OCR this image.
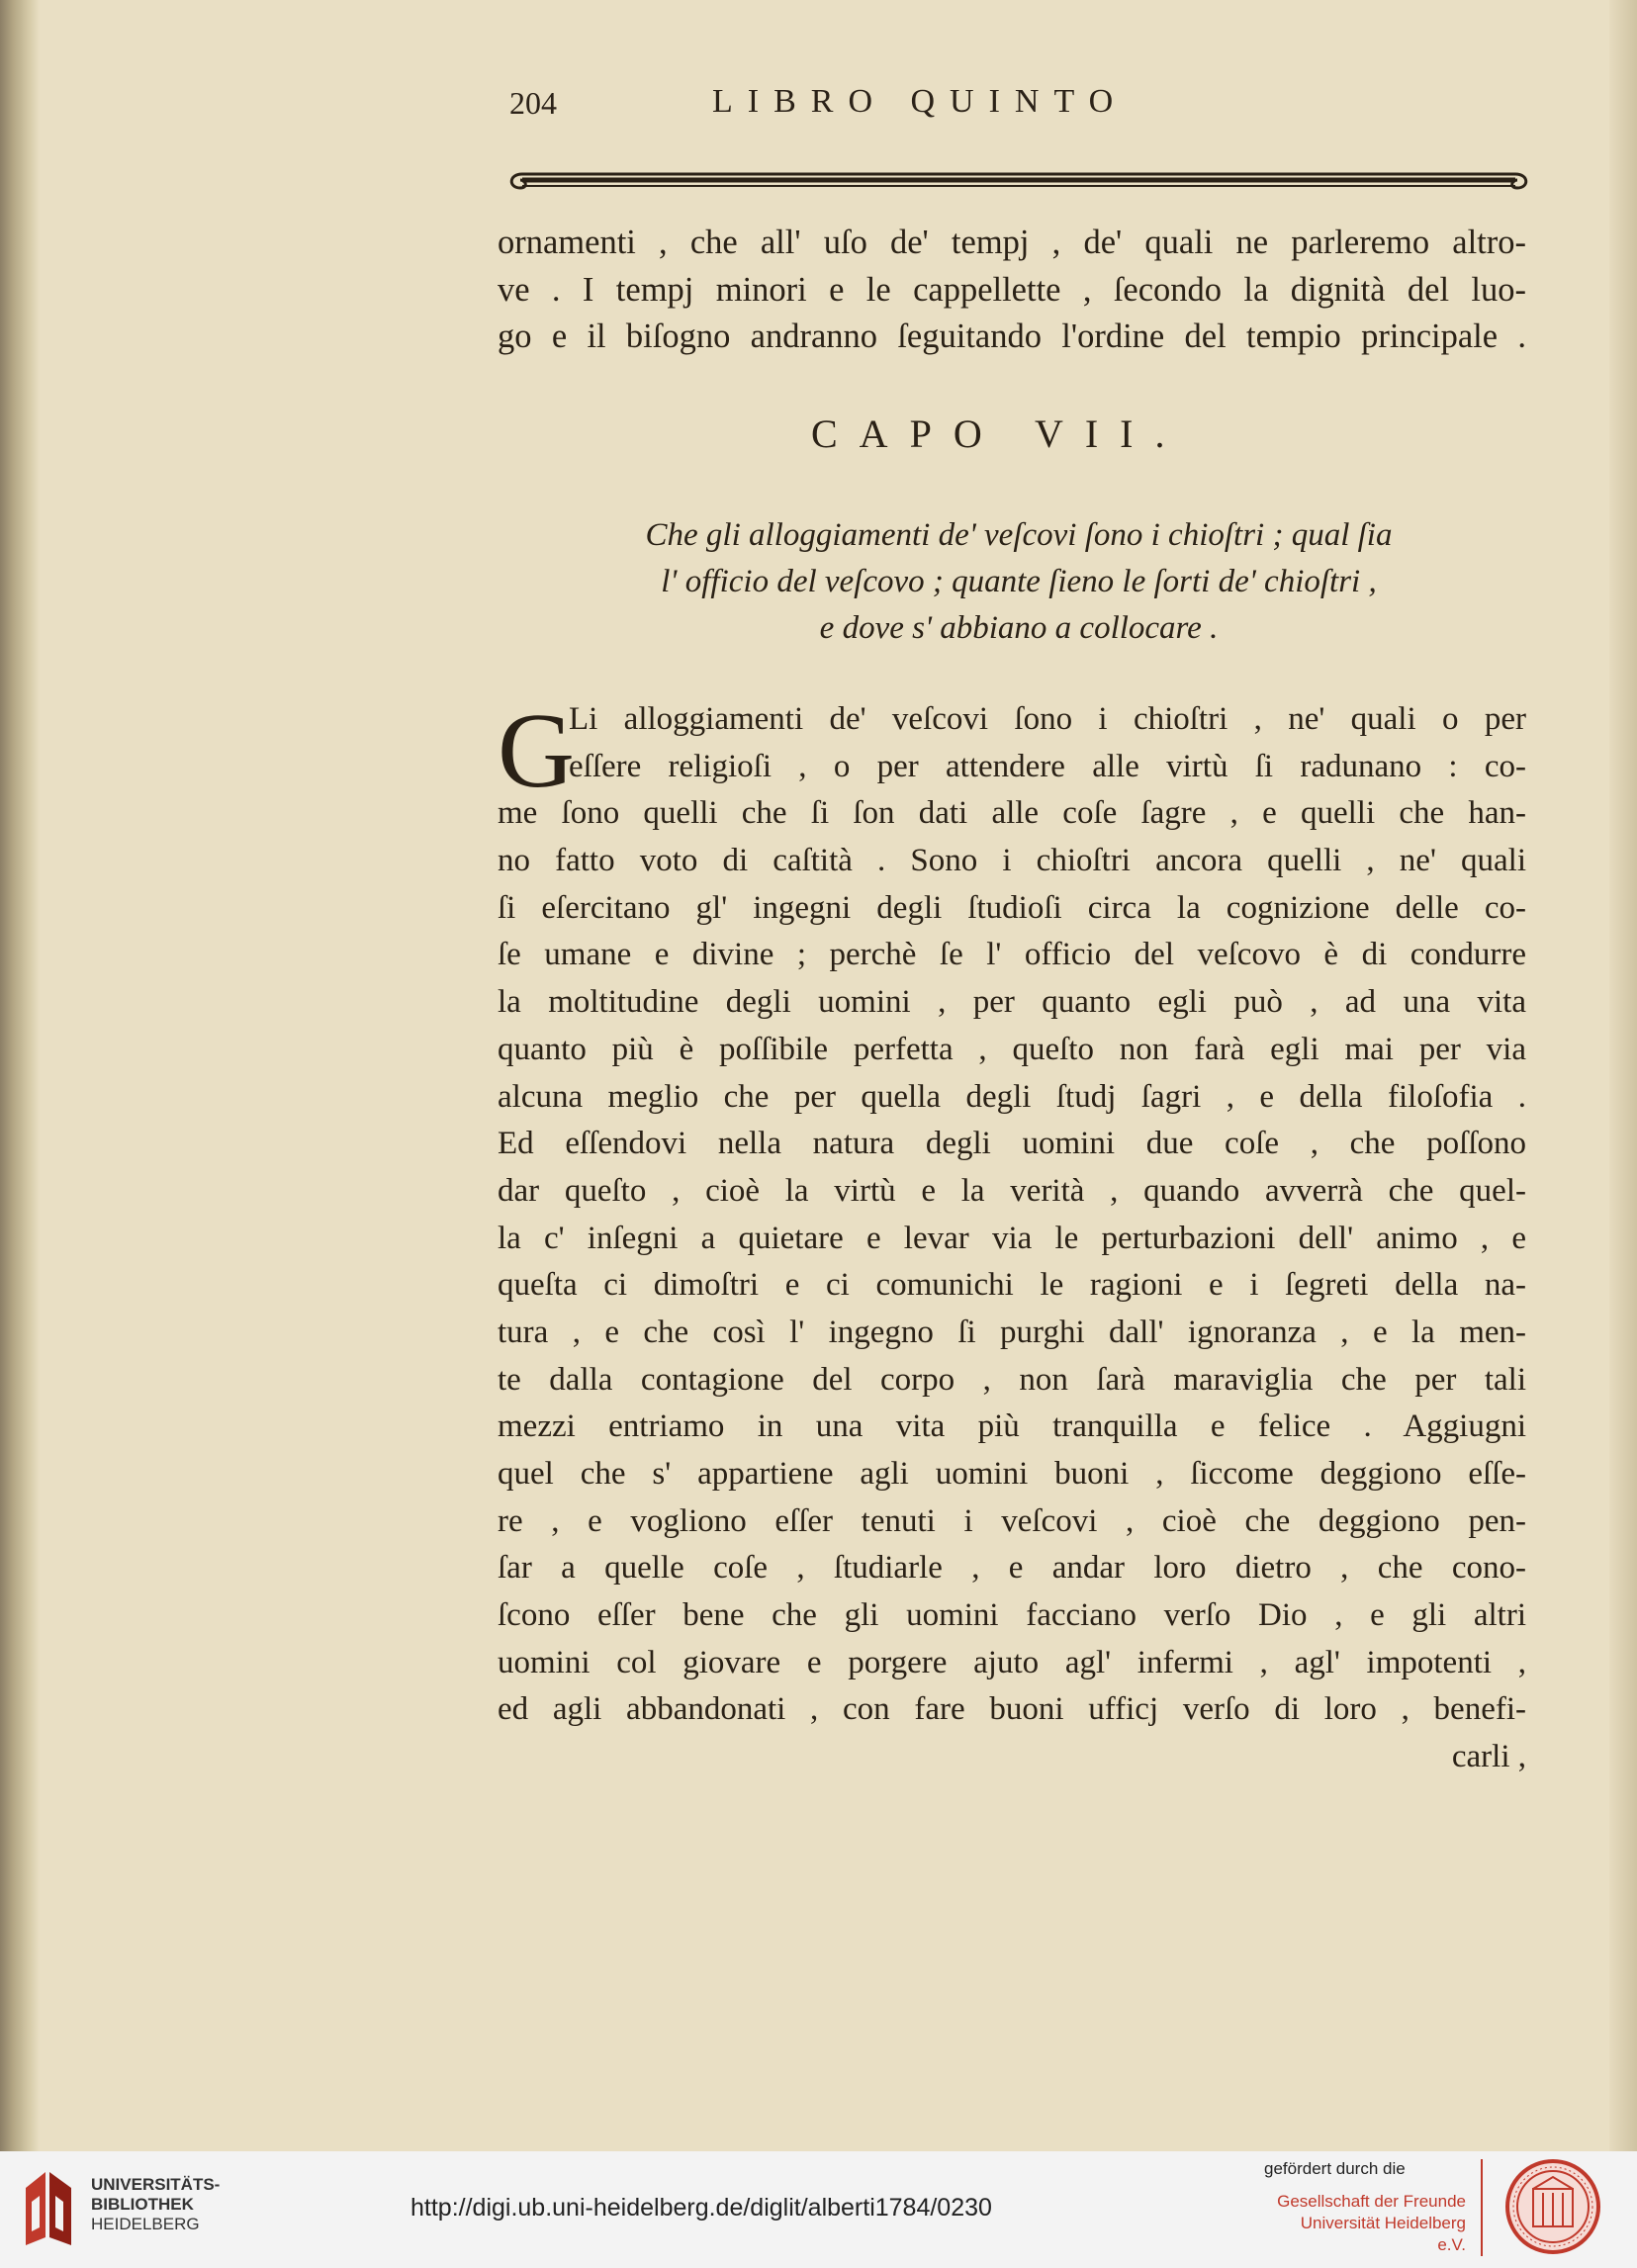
204	LIBRO QUINTO
ornamenti , che all' uſo de' tempj , de' quali ne parleremo altro-
ve . I tempj minori e le cappellette , ſecondo la dignità del luo-
go e il biſogno andranno ſeguitando l'ordine del tempio principale .
CAPO VII.
Che gli alloggiamenti de' veſcovi ſono i chioſtri ; qual ſia
l' officio del veſcovo ; quante ſieno le ſorti de' chioſtri ,
e dove s' abbiano a collocare .
G
Li alloggiamenti de' veſcovi ſono i chioſtri , ne' quali o per
eſſere religioſi , o per attendere alle virtù ſi radunano : co-
me ſono quelli che ſi ſon dati alle coſe ſagre , e quelli che han-
no fatto voto di caſtità . Sono i chioſtri ancora quelli , ne' quali
ſi eſercitano gl' ingegni degli ſtudioſi circa la cognizione delle co-
ſe umane e divine ; perchè ſe l' officio del veſcovo è di condurre
la moltitudine degli uomini , per quanto egli può , ad una vita
quanto più è poſſibile perfetta , queſto non farà egli mai per via
alcuna meglio che per quella degli ſtudj ſagri , e della filoſofia .
Ed eſſendovi nella natura degli uomini due coſe , che poſſono
dar queſto , cioè la virtù e la verità , quando avverrà che quel-
la c' inſegni a quietare e levar via le perturbazioni dell' animo , e
queſta ci dimoſtri e ci comunichi le ragioni e i ſegreti della na-
tura , e che così l' ingegno ſi purghi dall' ignoranza , e la men-
te dalla contagione del corpo , non ſarà maraviglia che per tali
mezzi entriamo in una vita più tranquilla e felice . Aggiugni
quel che s' appartiene agli uomini buoni , ſiccome deggiono eſſe-
re , e vogliono eſſer tenuti i veſcovi , cioè che deggiono pen-
ſar a quelle coſe , ſtudiarle , e andar loro dietro , che cono-
ſcono eſſer bene che gli uomini facciano verſo Dio , e gli altri
uomini col giovare e porgere ajuto agl' infermi , agl' impotenti ,
ed agli abbandonati , con fare buoni ufficj verſo di loro , benefi-
carli ,
UNIVERSITÄTS-
BIBLIOTHEK
HEIDELBERG
http://digi.ub.uni-heidelberg.de/diglit/alberti1784/0230
gefördert durch die
Gesellschaft der Freunde
Universität Heidelberg e.V.
